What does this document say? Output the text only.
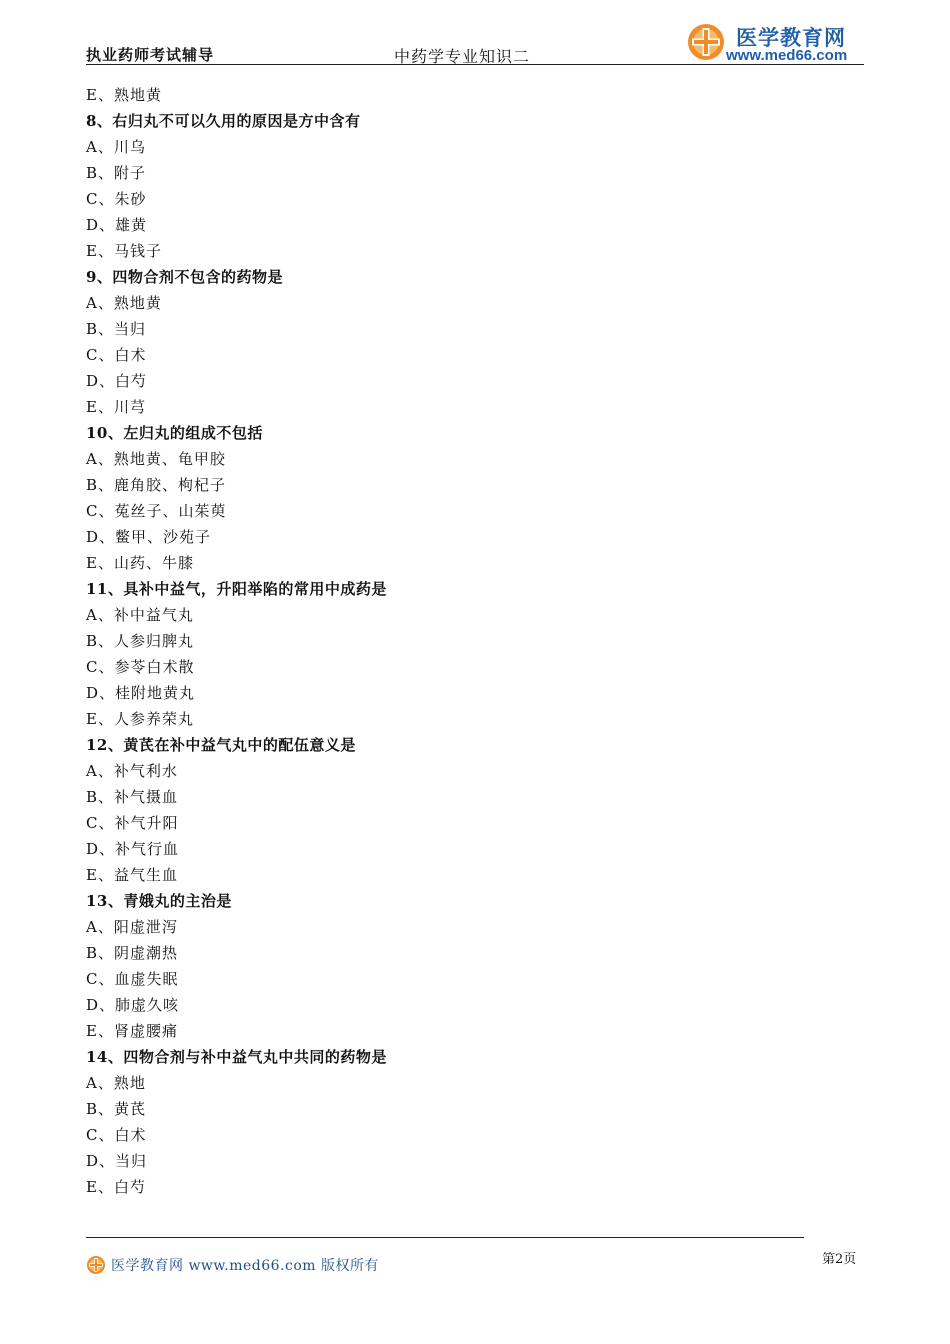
执业药师考试辅导	中药学专业知识二
医学教育网
www.med66.com
E、熟地黄
8、右归丸不可以久用的原因是方中含有
A、川乌
B、附子
C、朱砂
D、雄黄
E、马钱子
9、四物合剂不包含的药物是
A、熟地黄
B、当归
C、白术
D、白芍
E、川芎
10、左归丸的组成不包括
A、熟地黄、龟甲胶
B、鹿角胶、枸杞子
C、菟丝子、山茱萸
D、鳖甲、沙苑子
E、山药、牛膝
11、具补中益气，升阳举陷的常用中成药是
A、补中益气丸
B、人参归脾丸
C、参苓白术散
D、桂附地黄丸
E、人参养荣丸
12、黄芪在补中益气丸中的配伍意义是
A、补气利水
B、补气摄血
C、补气升阳
D、补气行血
E、益气生血
13、青娥丸的主治是
A、阳虚泄泻
B、阴虚潮热
C、血虚失眠
D、肺虚久咳
E、肾虚腰痛
14、四物合剂与补中益气丸中共同的药物是
A、熟地
B、黄芪
C、白术
D、当归
E、白芍
第2页
医学教育网 www.med66.com 版权所有
